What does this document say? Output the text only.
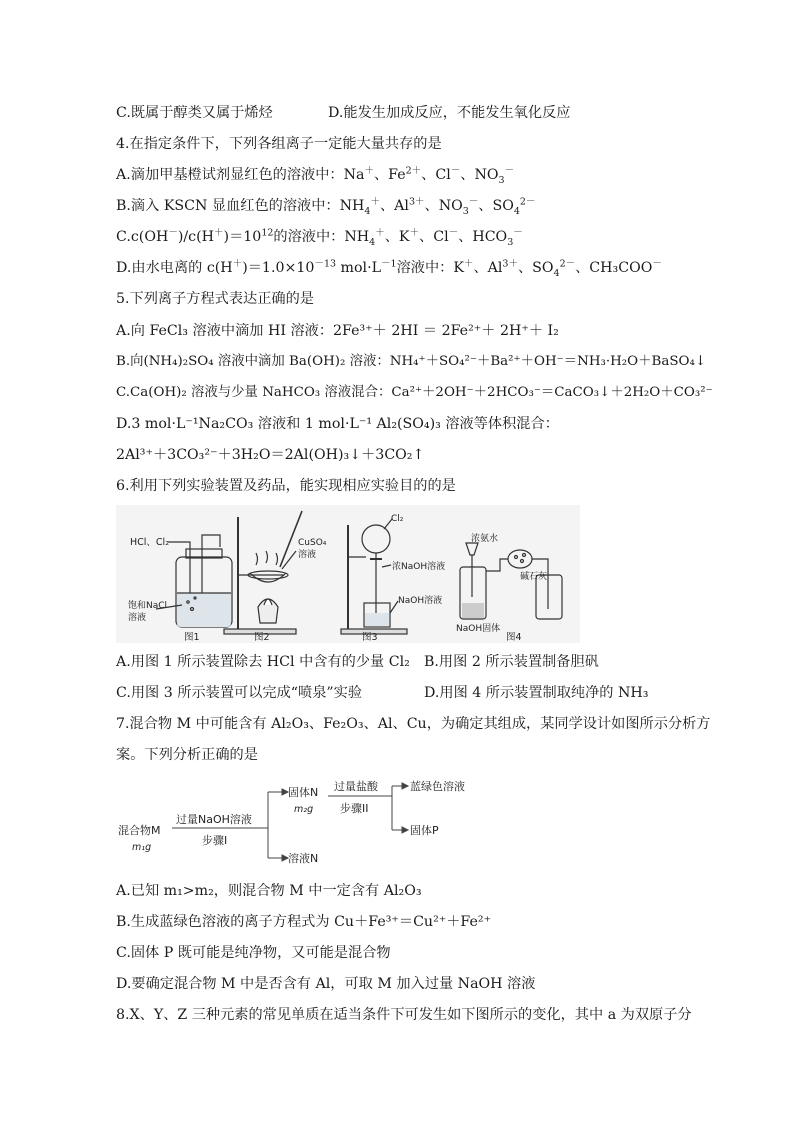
C.既属于醇类又属于烯烃	D.能发生加成反应，不能发生氧化反应
4.在指定条件下，下列各组离子一定能大量共存的是
A.滴加甲基橙试剂显红色的溶液中：Na＋、$Fe^{2+}$、Cl－、$NO_3^-$
B.滴入 KSCN 显血红色的溶液中：$NH_4^+$、$Al^{3+}$、$NO_3^-$、$SO_4^{2-}$
$C.c(OH^-)/c(H^+)=10^{12}$的溶液中：$NH_4^+$、K＋、Cl－、$HCO_3^-$
D.由水电离的 $c(H^+)=1.0\times 10^{-13}$ $mol\cdot L^{-1}$溶液中：K＋、$Al^{3+}$、$SO_4^{2-}$、CH₃COO－
5.下列离子方程式表达正确的是
A.向 FeCl₃ 溶液中滴加 HI 溶液：2Fe³⁺＋ 2HI ＝ 2Fe²⁺＋ 2H⁺＋ I₂
B.向(NH₄)₂SO₄ 溶液中滴加 Ba(OH)₂ 溶液：NH₄⁺＋SO₄²⁻＋Ba²⁺＋OH⁻＝NH₃·H₂O＋BaSO₄↓
C.Ca(OH)₂ 溶液与少量 NaHCO₃ 溶液混合：Ca²⁺＋2OH⁻＋2HCO₃⁻＝CaCO₃↓＋2H₂O＋CO₃²⁻
D.3 mol·L⁻¹Na₂CO₃ 溶液和 1 mol·L⁻¹ Al₂(SO₄)₃ 溶液等体积混合：
2Al³⁺＋3CO₃²⁻＋3H₂O＝2Al(OH)₃↓＋3CO₂↑
6.利用下列实验装置及药品，能实现相应实验目的的是
HCl、Cl₂
饱和NaCl
溶液
图1
CuSO₄
溶液
图2
Cl₂
浓NaOH溶液
NaOH溶液
图3
浓氨水
NaOH固体
碱石灰
图4
A.用图 1 所示装置除去 HCl 中含有的少量 Cl₂ B.用图 2 所示装置制备胆矾
C.用图 3 所示装置可以完成“喷泉”实验	D.用图 4 所示装置制取纯净的 NH₃
7.混合物 M 中可能含有 Al₂O₃、Fe₂O₃、Al、Cu，为确定其组成，某同学设计如图所示分析方
案。下列分析正确的是
混合物M
m₁g
过量NaOH溶液
步骤I
固体N
m₂g
溶液N
过量盐酸
步骤II
蓝绿色溶液
固体P
A.已知 m₁>m₂，则混合物 M 中一定含有 Al₂O₃
B.生成蓝绿色溶液的离子方程式为 Cu＋Fe³⁺＝Cu²⁺＋Fe²⁺
C.固体 P 既可能是纯净物，又可能是混合物
D.要确定混合物 M 中是否含有 Al，可取 M 加入过量 NaOH 溶液
8.X、Y、Z 三种元素的常见单质在适当条件下可发生如下图所示的变化，其中 a 为双原子分
